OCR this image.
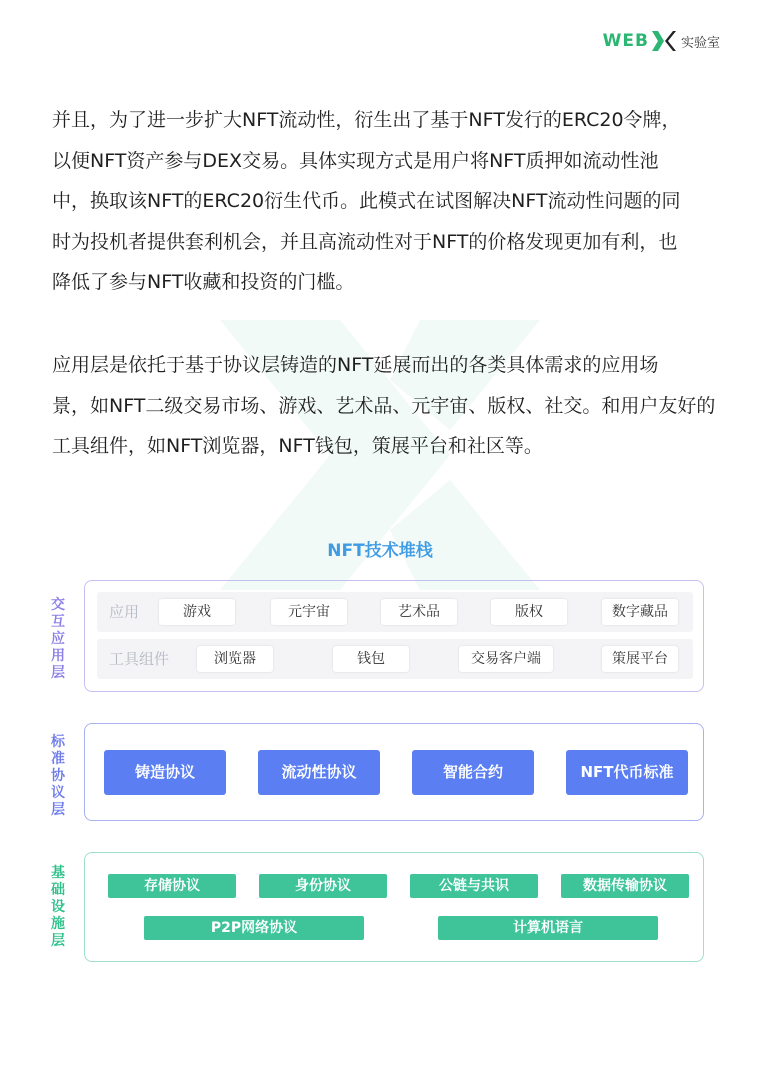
WEB 实验室

并且，为了进一步扩大NFT流动性，衍生出了基于NFT发行的ERC20令牌，
以便NFT资产参与DEX交易。具体实现方式是用户将NFT质押如流动性池
中，换取该NFT的ERC20衍生代币。此模式在试图解决NFT流动性问题的同
时为投机者提供套利机会，并且高流动性对于NFT的价格发现更加有利，也
降低了参与NFT收藏和投资的门槛。

应用层是依托于基于协议层铸造的NFT延展而出的各类具体需求的应用场
景，如NFT二级交易市场、游戏、艺术品、元宇宙、版权、社交。和用户友好的
工具组件，如NFT浏览器，NFT钱包，策展平台和社区等。

NFT技术堆栈
交互应用层
标准协议层
基础设施层
应用	游戏	元宇宙	艺术品	版权	数字藏品
工具组件	浏览器	钱包	交易客户端	策展平台
铸造协议	流动性协议	智能合约	NFT代币标准
存储协议	身份协议	公链与共识	数据传输协议
P2P网络协议	计算机语言
